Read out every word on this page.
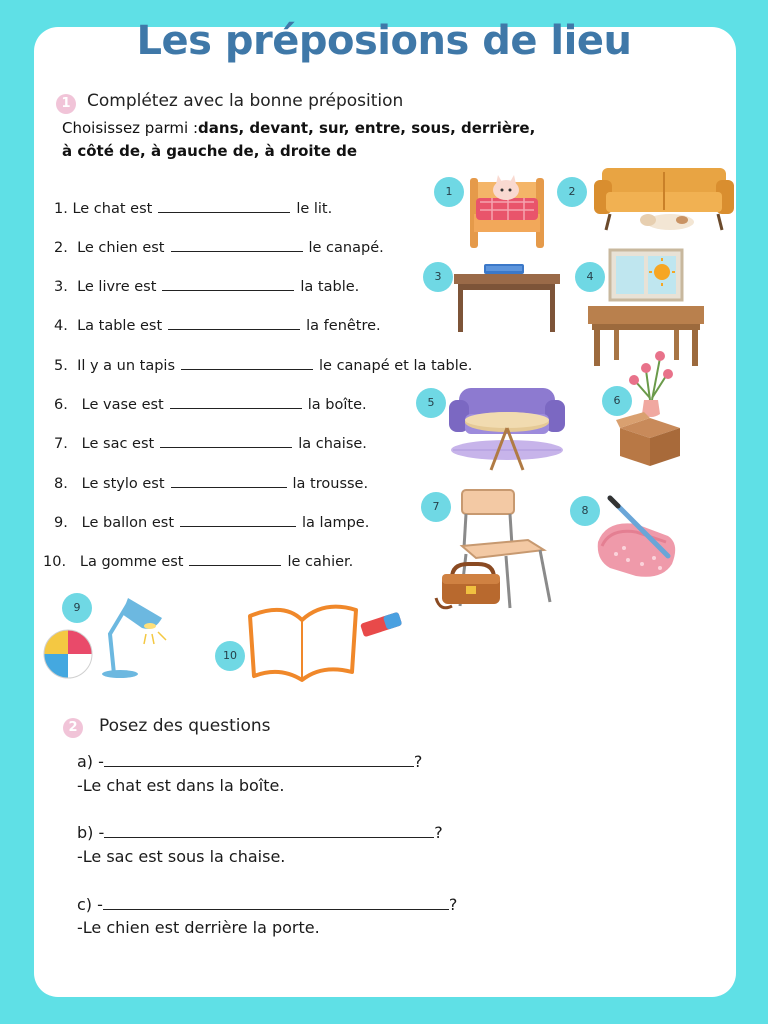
Les préposions de lieu
1 Complétez avec la bonne préposition
Choisissez parmi :dans, devant, sur, entre, sous, derrière,
à côté de, à gauche de, à droite de
1. Le chat est	le lit.
2. Le chien est	le canapé.
3. Le livre est	la table.
4. La table est	la fenêtre.
5. Il y a un tapis	le canapé et la table.
6. Le vase est	la boîte.
7. Le sac est	la chaise.
8. Le stylo est	la trousse.
9. Le ballon est	la lampe.
10. La gomme est	le cahier.
1	2
3	4
5	6
7	8
9
10
2	Posez des questions
a) -	?
-Le chat est dans la boîte.
b) -	?
-Le sac est sous la chaise.
c) -	?
-Le chien est derrière la porte.
